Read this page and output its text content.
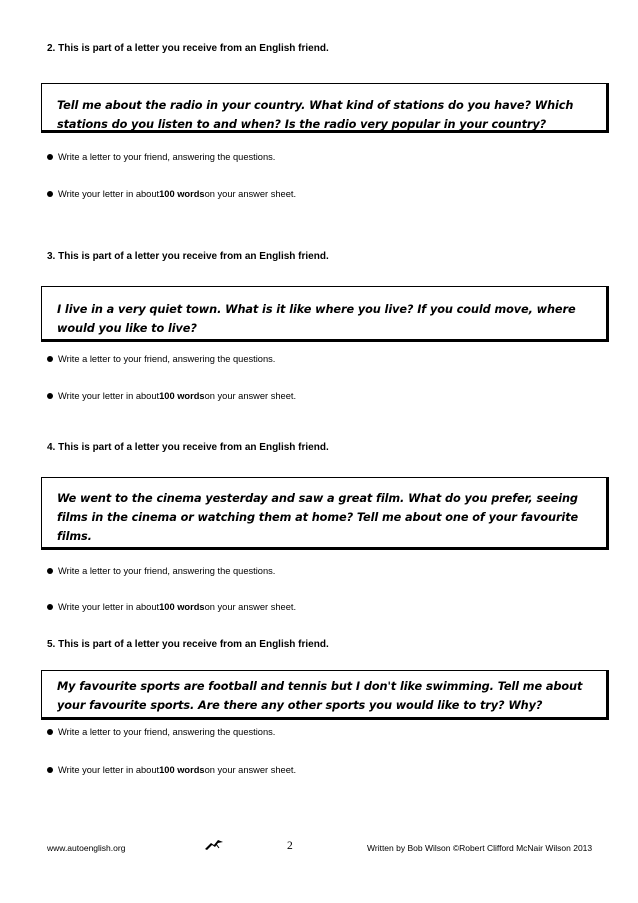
2. This is part of a letter you receive from an English friend.

Tell me about the radio in your country. What kind of stations do you have? Which

stations do you listen to and when? Is the radio very popular in your country?

Write a letter to your friend, answering the questions.
Write your letter in about 100 words on your answer sheet.
3. This is part of a letter you receive from an English friend.

I live in a very quiet town. What is it like where you live? If you could move, where

would you like to live?

Write a letter to your friend, answering the questions.
Write your letter in about 100 words on your answer sheet.
4. This is part of a letter you receive from an English friend.

We went to the cinema yesterday and saw a great film. What do you prefer, seeing

films in the cinema or watching them at home? Tell me about one of your favourite

films.

Write a letter to your friend, answering the questions.
Write your letter in about 100 words on your answer sheet.
5. This is part of a letter you receive from an English friend.

My favourite sports are football and tennis but I don't like swimming. Tell me about

your favourite sports. Are there any other sports you would like to try? Why?

Write a letter to your friend, answering the questions.
Write your letter in about 100 words on your answer sheet.
www.autoenglish.org	2	Written by Bob Wilson ©Robert Clifford McNair Wilson 2013
